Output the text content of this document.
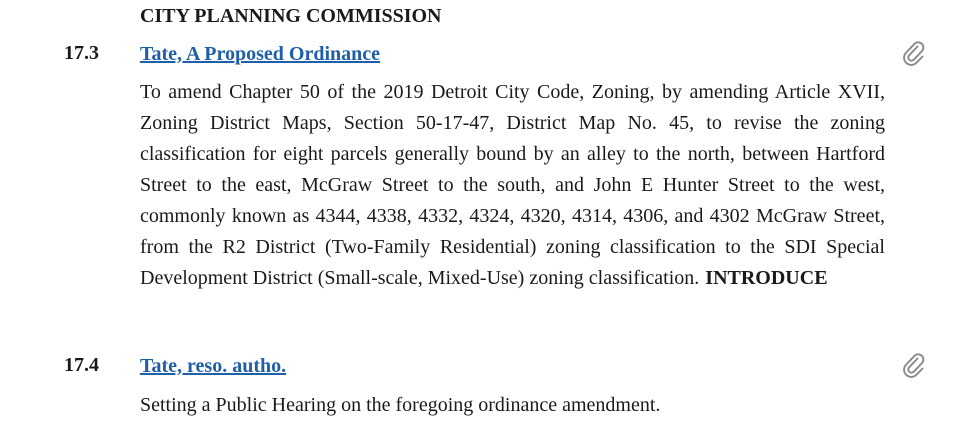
CITY PLANNING COMMISSION
17.3 Tate, A Proposed Ordinance

To amend Chapter 50 of the 2019 Detroit City Code, Zoning, by amending Article XVII, Zoning District Maps, Section 50-17-47, District Map No. 45, to revise the zoning classification for eight parcels generally bound by an alley to the north, between Hartford Street to the east, McGraw Street to the south, and John E Hunter Street to the west, commonly known as 4344, 4338, 4332, 4324, 4320, 4314, 4306, and 4302 McGraw Street, from the R2 District (Two-Family Residential) zoning classification to the SDI Special Development District (Small-scale, Mixed-Use) zoning classification. INTRODUCE

17.4 Tate, reso. autho.

Setting a Public Hearing on the foregoing ordinance amendment.
